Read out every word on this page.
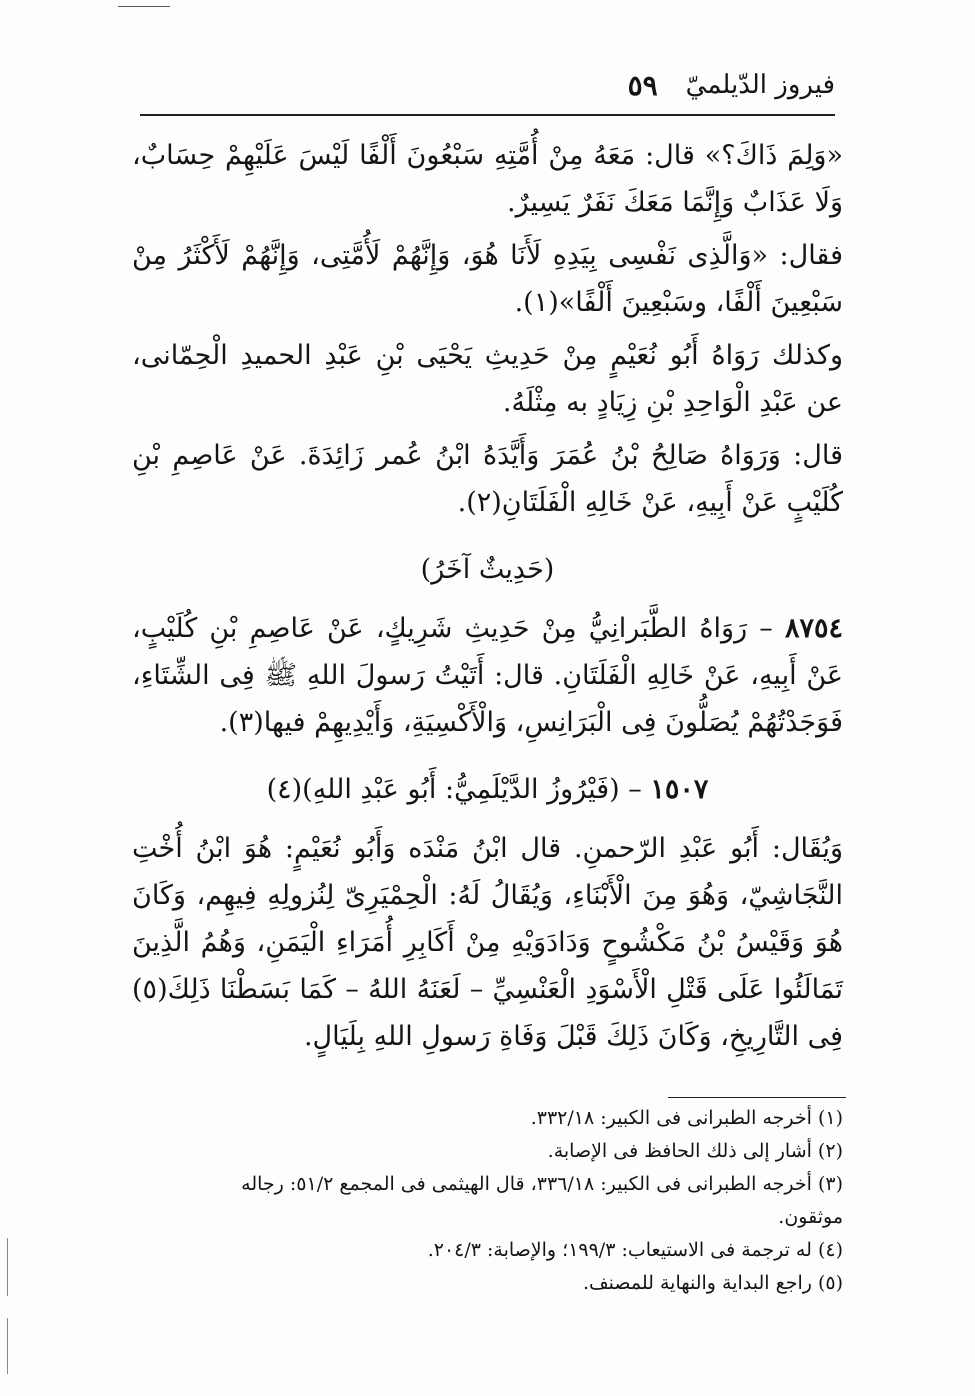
فيروز الدّيلميّ
٥٩

«وَلِمَ ذَاكَ؟» قال: مَعَهُ مِنْ أُمَّتِهِ سَبْعُونَ أَلْفًا لَيْسَ عَلَيْهِمْ حِسَابٌ، وَلَا عَذَابٌ وَإِنَّمَا مَعَكَ نَفَرٌ يَسِيرٌ.

فقال: «وَالَّذِى نَفْسِى بِيَدِهِ لَأَنَا هُوَ، وَإِنَّهُمْ لَأُمَّتِى، وَإِنَّهُمْ لَأَكْثَرُ مِنْ سَبْعِينَ أَلْفًا، وسَبْعِينَ أَلْفًا»(١).

وكذلك رَوَاهُ أَبُو نُعَيْمٍ مِنْ حَدِيثِ يَحْيَى بْنِ عَبْدِ الحميدِ الْحِمّانى، عن عَبْدِ الْوَاحِدِ بْنِ زِيَادٍ به مِثْلَهُ.

قال: وَرَوَاهُ صَالِحُ بْنُ عُمَرَ وَأَيَّدَهُ ابْنُ عُمر زَائِدَةَ. عَنْ عَاصِمِ بْنِ كُلَيْبٍ عَنْ أَبِيهِ، عَنْ خَالِهِ الْفَلَتَانِ(٢).

(حَدِيثٌ آخَرُ)

٨٧٥٤ – رَوَاهُ الطَّبَرانِيُّ مِنْ حَدِيثِ شَرِيكٍ، عَنْ عَاصِمِ بْنِ كُلَيْبٍ، عَنْ أَبِيهِ، عَنْ خَالِهِ الْفَلَتَانِ. قال: أَتَيْتُ رَسولَ اللهِ ﷺ فِى الشِّتَاءِ، فَوَجَدْتُهُمْ يُصَلُّونَ فِى الْبَرَانِسِ، وَالْأَكْسِيَةِ، وَأَيْدِيهِمْ فيها(٣).

١٥٠٧ – (فَيْرُوزُ الدَّيْلَمِيُّ: أَبُو عَبْدِ اللهِ)(٤)

وَيُقَال: أَبُو عَبْدِ الرّحمنِ. قال ابْنُ مَنْدَه وَأَبُو نُعَيْمٍ: هُوَ ابْنُ أُخْتِ النَّجَاشِيّ، وَهُوَ مِنَ الْأَبْنَاءِ، وَيُقَالُ لَهُ: الْحِمْيَرِىّ لِنُزولِهِ فِيهِم، وَكَانَ هُوَ وَقَيْسُ بْنُ مَكْشُوحٍ وَدَادَوَيْهِ مِنْ أَكَابِرِ أُمَرَاءِ الْيَمَنِ، وَهُمُ الَّذِينَ تَمَالَئُوا عَلَى قَتْلِ الْأَسْوَدِ الْعَنْسِيِّ – لَعَنَهُ اللهُ – كَمَا بَسَطْنَا ذَلِكَ(٥) فِى التَّارِيخِ، وَكَانَ ذَلِكَ قَبْلَ وَفَاةِ رَسولِ اللهِ بِلَيَالٍ.

(١) أخرجه الطبرانى فى الكبير: ٣٣٢/١٨.
(٢) أشار إلى ذلك الحافظ فى الإصابة.
(٣) أخرجه الطبرانى فى الكبير: ٣٣٦/١٨، قال الهيثمى فى المجمع ٥١/٢: رجاله
موثقون.
(٤) له ترجمة فى الاستيعاب: ١٩٩/٣؛ والإصابة: ٢٠٤/٣.
(٥) راجع البداية والنهاية للمصنف.
